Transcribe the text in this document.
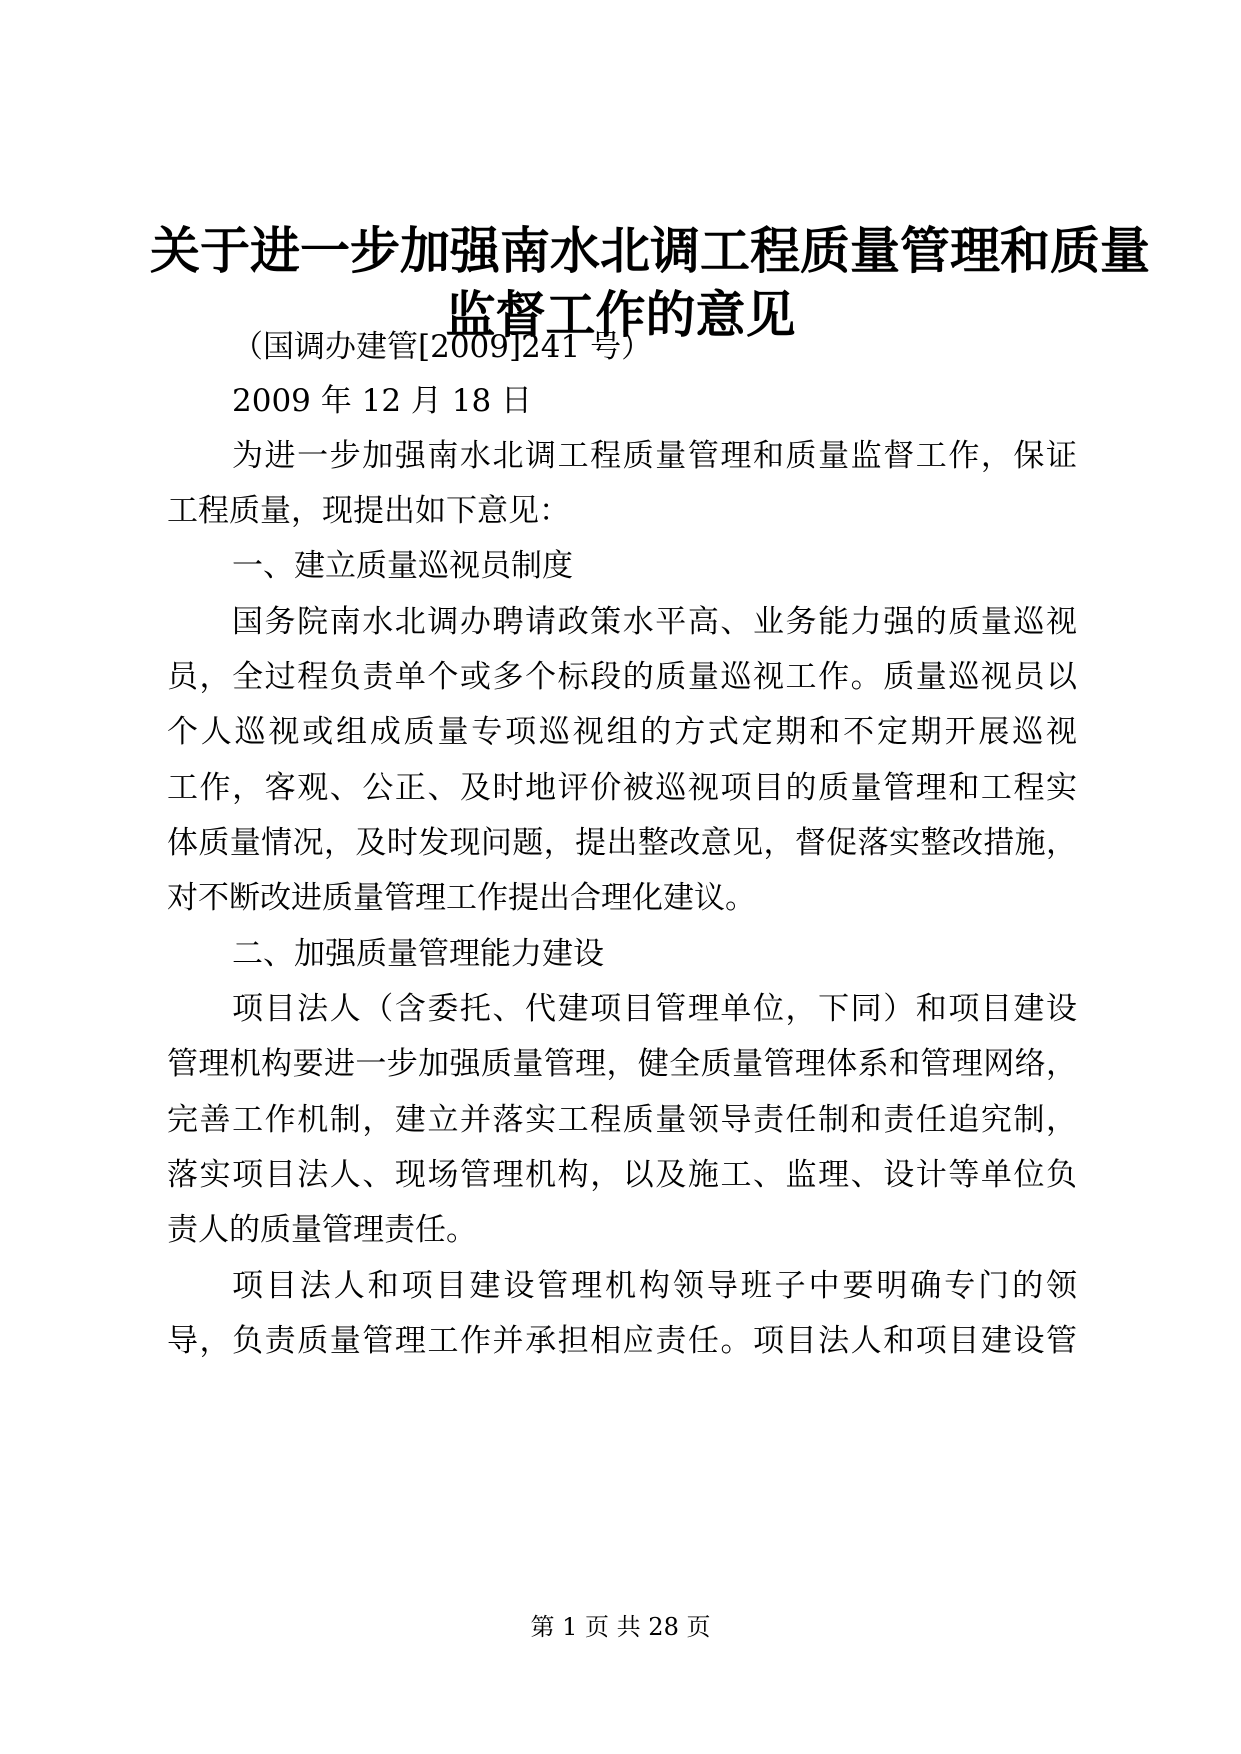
关于进一步加强南水北调工程质量管理和质量
监督工作的意见
（国调办建管[2009]241 号）
2009 年 12 月 18 日
为进一步加强南水北调工程质量管理和质量监督工作，保证
工程质量，现提出如下意见：
一、建立质量巡视员制度
国务院南水北调办聘请政策水平高、业务能力强的质量巡视
员，全过程负责单个或多个标段的质量巡视工作。质量巡视员以
个人巡视或组成质量专项巡视组的方式定期和不定期开展巡视
工作，客观、公正、及时地评价被巡视项目的质量管理和工程实
体质量情况，及时发现问题，提出整改意见，督促落实整改措施，
对不断改进质量管理工作提出合理化建议。
二、加强质量管理能力建设
项目法人（含委托、代建项目管理单位，下同）和项目建设
管理机构要进一步加强质量管理，健全质量管理体系和管理网络，
完善工作机制，建立并落实工程质量领导责任制和责任追究制，
落实项目法人、现场管理机构，以及施工、监理、设计等单位负
责人的质量管理责任。
项目法人和项目建设管理机构领导班子中要明确专门的领
导，负责质量管理工作并承担相应责任。项目法人和项目建设管
第 1 页 共 28 页
